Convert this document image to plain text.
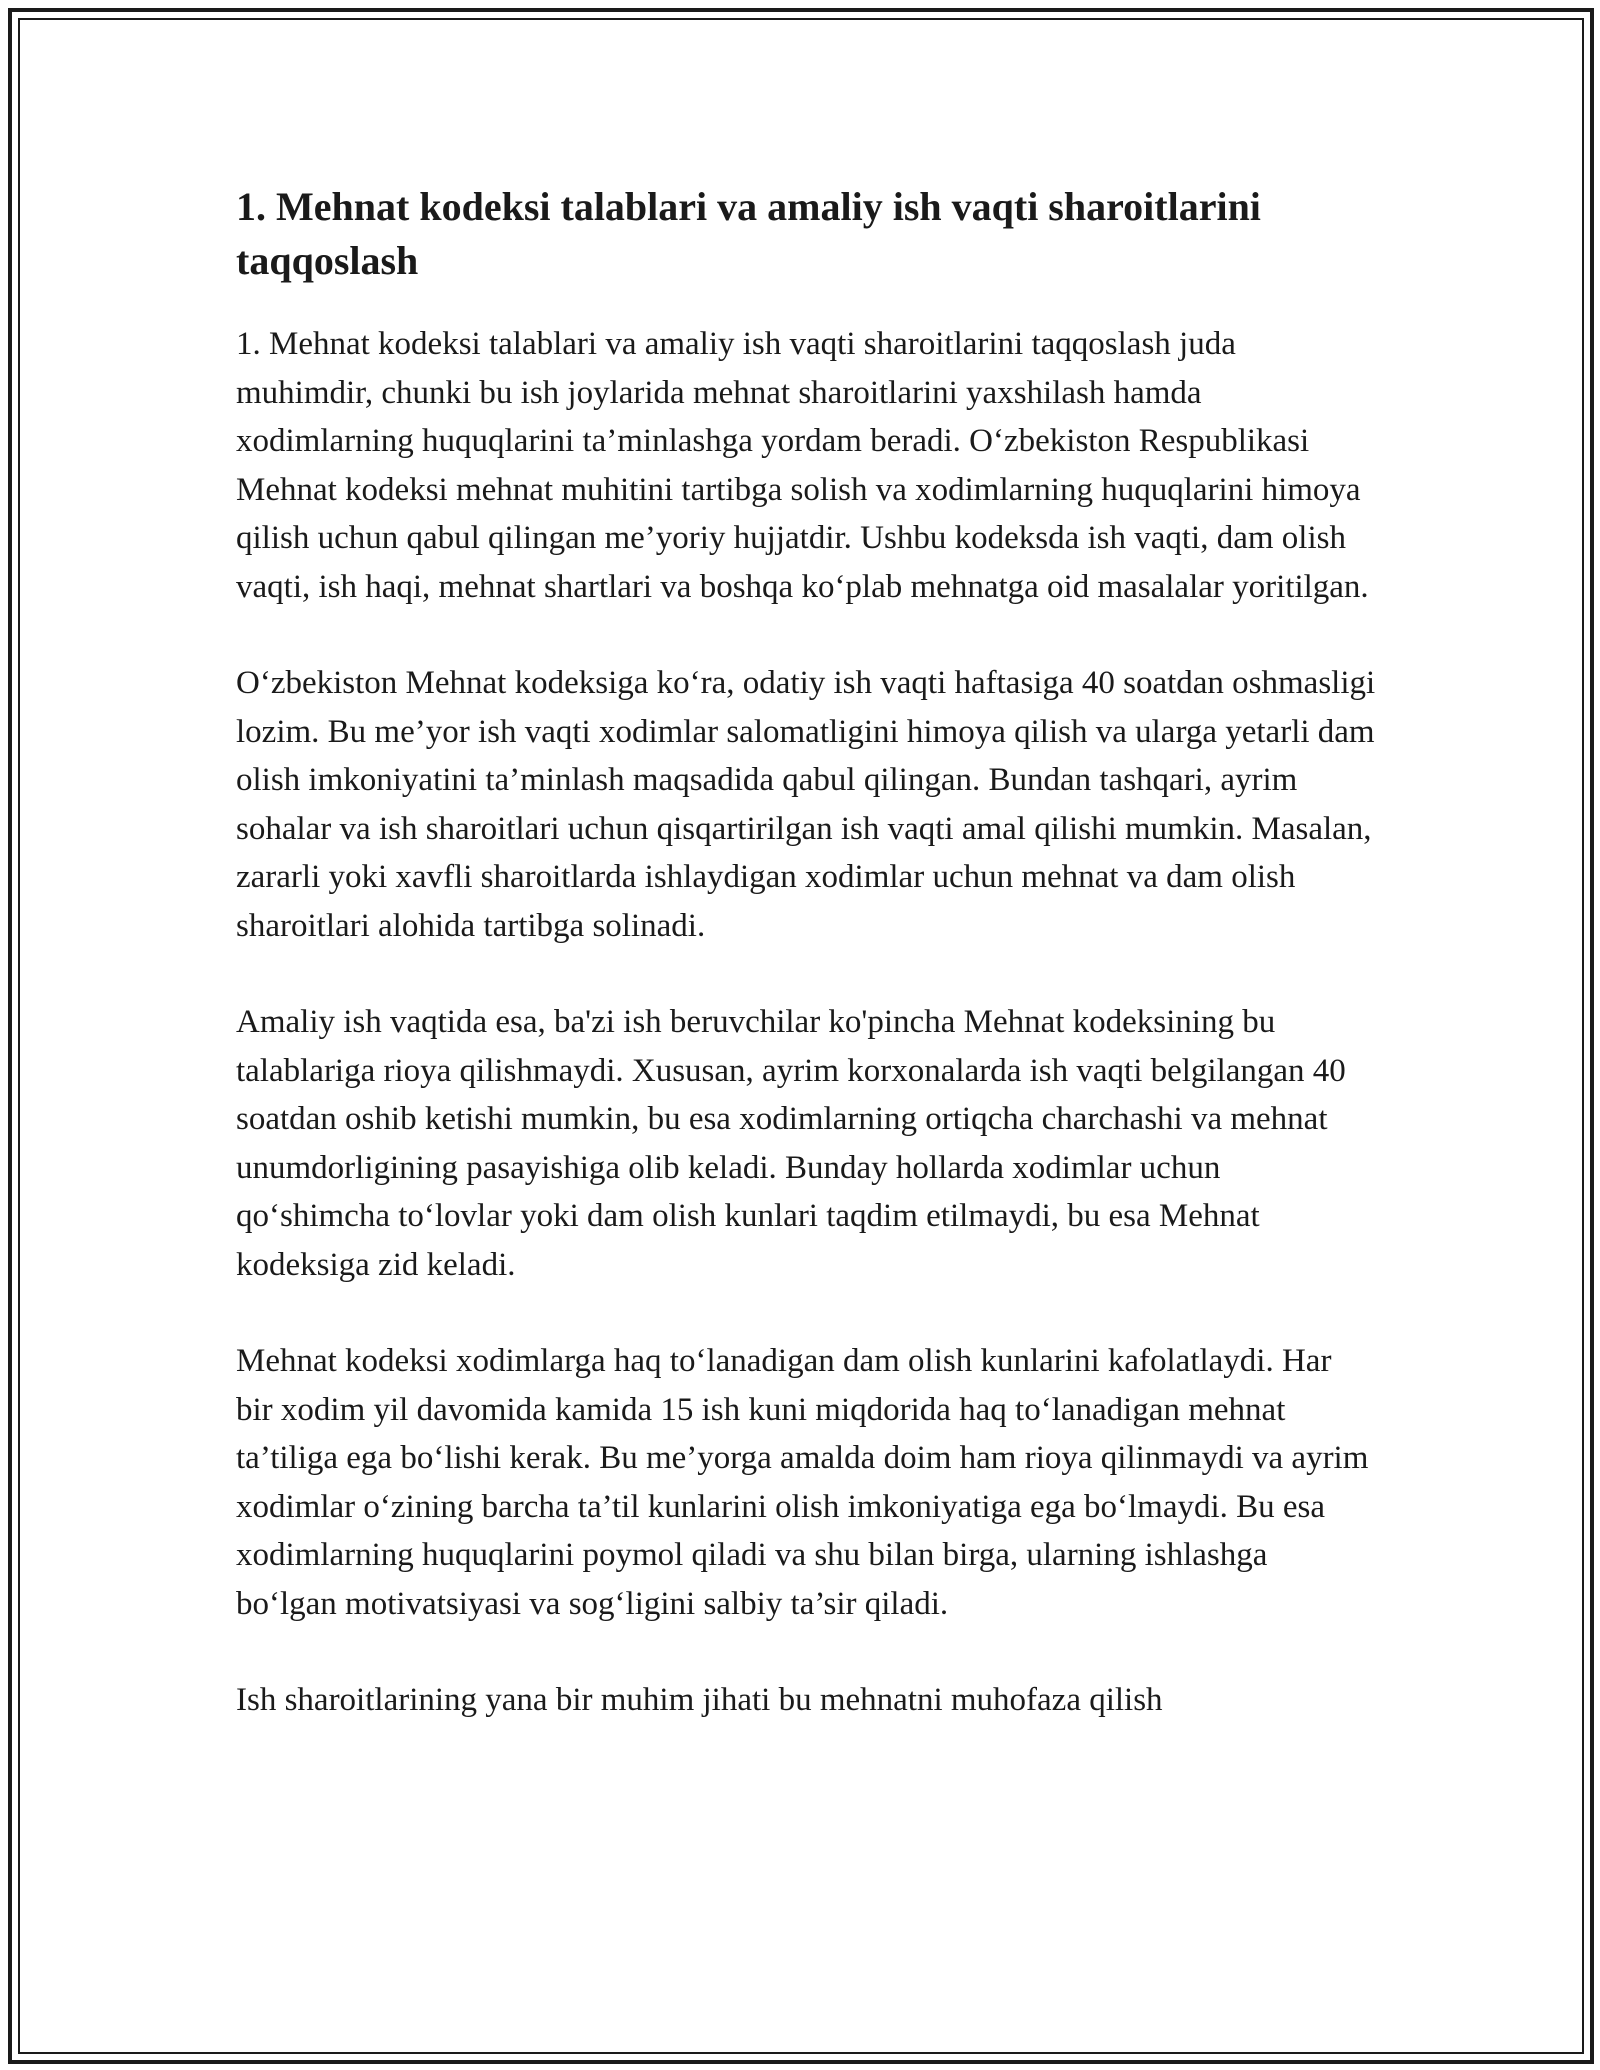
1. Mehnat kodeksi talablari va amaliy ish vaqti sharoitlarini taqqoslash

1. Mehnat kodeksi talablari va amaliy ish vaqti sharoitlarini taqqoslash juda muhimdir, chunki bu ish joylarida mehnat sharoitlarini yaxshilash hamda xodimlarning huquqlarini ta’minlashga yordam beradi. O‘zbekiston Respublikasi Mehnat kodeksi mehnat muhitini tartibga solish va xodimlarning huquqlarini himoya qilish uchun qabul qilingan me’yoriy hujjatdir. Ushbu kodeksda ish vaqti, dam olish vaqti, ish haqi, mehnat shartlari va boshqa ko‘plab mehnatga oid masalalar yoritilgan.

O‘zbekiston Mehnat kodeksiga ko‘ra, odatiy ish vaqti haftasiga 40 soatdan oshmasligi lozim. Bu me’yor ish vaqti xodimlar salomatligini himoya qilish va ularga yetarli dam olish imkoniyatini ta’minlash maqsadida qabul qilingan. Bundan tashqari, ayrim sohalar va ish sharoitlari uchun qisqartirilgan ish vaqti amal qilishi mumkin. Masalan, zararli yoki xavfli sharoitlarda ishlaydigan xodimlar uchun mehnat va dam olish sharoitlari alohida tartibga solinadi.

Amaliy ish vaqtida esa, ba'zi ish beruvchilar ko'pincha Mehnat kodeksining bu talablariga rioya qilishmaydi. Xususan, ayrim korxonalarda ish vaqti belgilangan 40 soatdan oshib ketishi mumkin, bu esa xodimlarning ortiqcha charchashi va mehnat unumdorligining pasayishiga olib keladi. Bunday hollarda xodimlar uchun qo‘shimcha to‘lovlar yoki dam olish kunlari taqdim etilmaydi, bu esa Mehnat kodeksiga zid keladi.

Mehnat kodeksi xodimlarga haq to‘lanadigan dam olish kunlarini kafolatlaydi. Har bir xodim yil davomida kamida 15 ish kuni miqdorida haq to‘lanadigan mehnat ta’tiliga ega bo‘lishi kerak. Bu me’yorga amalda doim ham rioya qilinmaydi va ayrim xodimlar o‘zining barcha ta’til kunlarini olish imkoniyatiga ega bo‘lmaydi. Bu esa xodimlarning huquqlarini poymol qiladi va shu bilan birga, ularning ishlashga bo‘lgan motivatsiyasi va sog‘ligini salbiy ta’sir qiladi.

Ish sharoitlarining yana bir muhim jihati bu mehnatni muhofaza qilish
